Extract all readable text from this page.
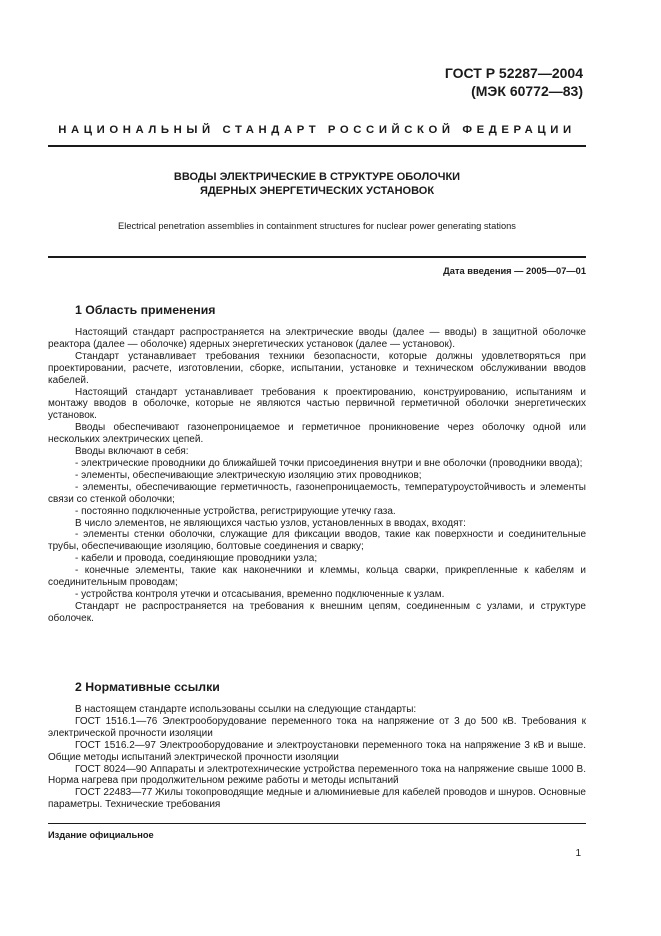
ГОСТ Р 52287—2004
(МЭК 60772—83)
НАЦИОНАЛЬНЫЙ СТАНДАРТ РОССИЙСКОЙ ФЕДЕРАЦИИ
ВВОДЫ ЭЛЕКТРИЧЕСКИЕ В СТРУКТУРЕ ОБОЛОЧКИ
ЯДЕРНЫХ ЭНЕРГЕТИЧЕСКИХ УСТАНОВОК
Electrical penetration assemblies in containment structures for nuclear power generating stations
Дата введения — 2005—07—01
1 Область применения

Настоящий стандарт распространяется на электрические вводы (далее — вводы) в защитной оболочке реактора (далее — оболочке) ядерных энергетических установок (далее — установок).

Стандарт устанавливает требования техники безопасности, которые должны удовлетворяться при проектировании, расчете, изготовлении, сборке, испытании, установке и техническом обслуживании вводов кабелей.

Настоящий стандарт устанавливает требования к проектированию, конструированию, испытаниям и монтажу вводов в оболочке, которые не являются частью первичной герметичной оболочки энергетических установок.

Вводы обеспечивают газонепроницаемое и герметичное проникновение через оболочку одной или нескольких электрических цепей.

Вводы включают в себя:

- электрические проводники до ближайшей точки присоединения внутри и вне оболочки (проводники ввода);

- элементы, обеспечивающие электрическую изоляцию этих проводников;

- элементы, обеспечивающие герметичность, газонепроницаемость, температуроустойчивость и элементы связи со стенкой оболочки;

- постоянно подключенные устройства, регистрирующие утечку газа.

В число элементов, не являющихся частью узлов, установленных в вводах, входят:

- элементы стенки оболочки, служащие для фиксации вводов, такие как поверхности и соединительные трубы, обеспечивающие изоляцию, болтовые соединения и сварку;

- кабели и провода, соединяющие проводники узла;

- конечные элементы, такие как наконечники и клеммы, кольца сварки, прикрепленные к кабелям и соединительным проводам;

- устройства контроля утечки и отсасывания, временно подключенные к узлам.

Стандарт не распространяется на требования к внешним цепям, соединенным с узлами, и структуре оболочек.

2 Нормативные ссылки

В настоящем стандарте использованы ссылки на следующие стандарты:

ГОСТ 1516.1—76 Электрооборудование переменного тока на напряжение от 3 до 500 кВ. Требования к электрической прочности изоляции

ГОСТ 1516.2—97 Электрооборудование и электроустановки переменного тока на напряжение 3 кВ и выше. Общие методы испытаний электрической прочности изоляции

ГОСТ 8024—90 Аппараты и электротехнические устройства переменного тока на напряжение свыше 1000 В. Норма нагрева при продолжительном режиме работы и методы испытаний

ГОСТ 22483—77 Жилы токопроводящие медные и алюминиевые для кабелей проводов и шнуров. Основные параметры. Технические требования

Издание официальное
1
